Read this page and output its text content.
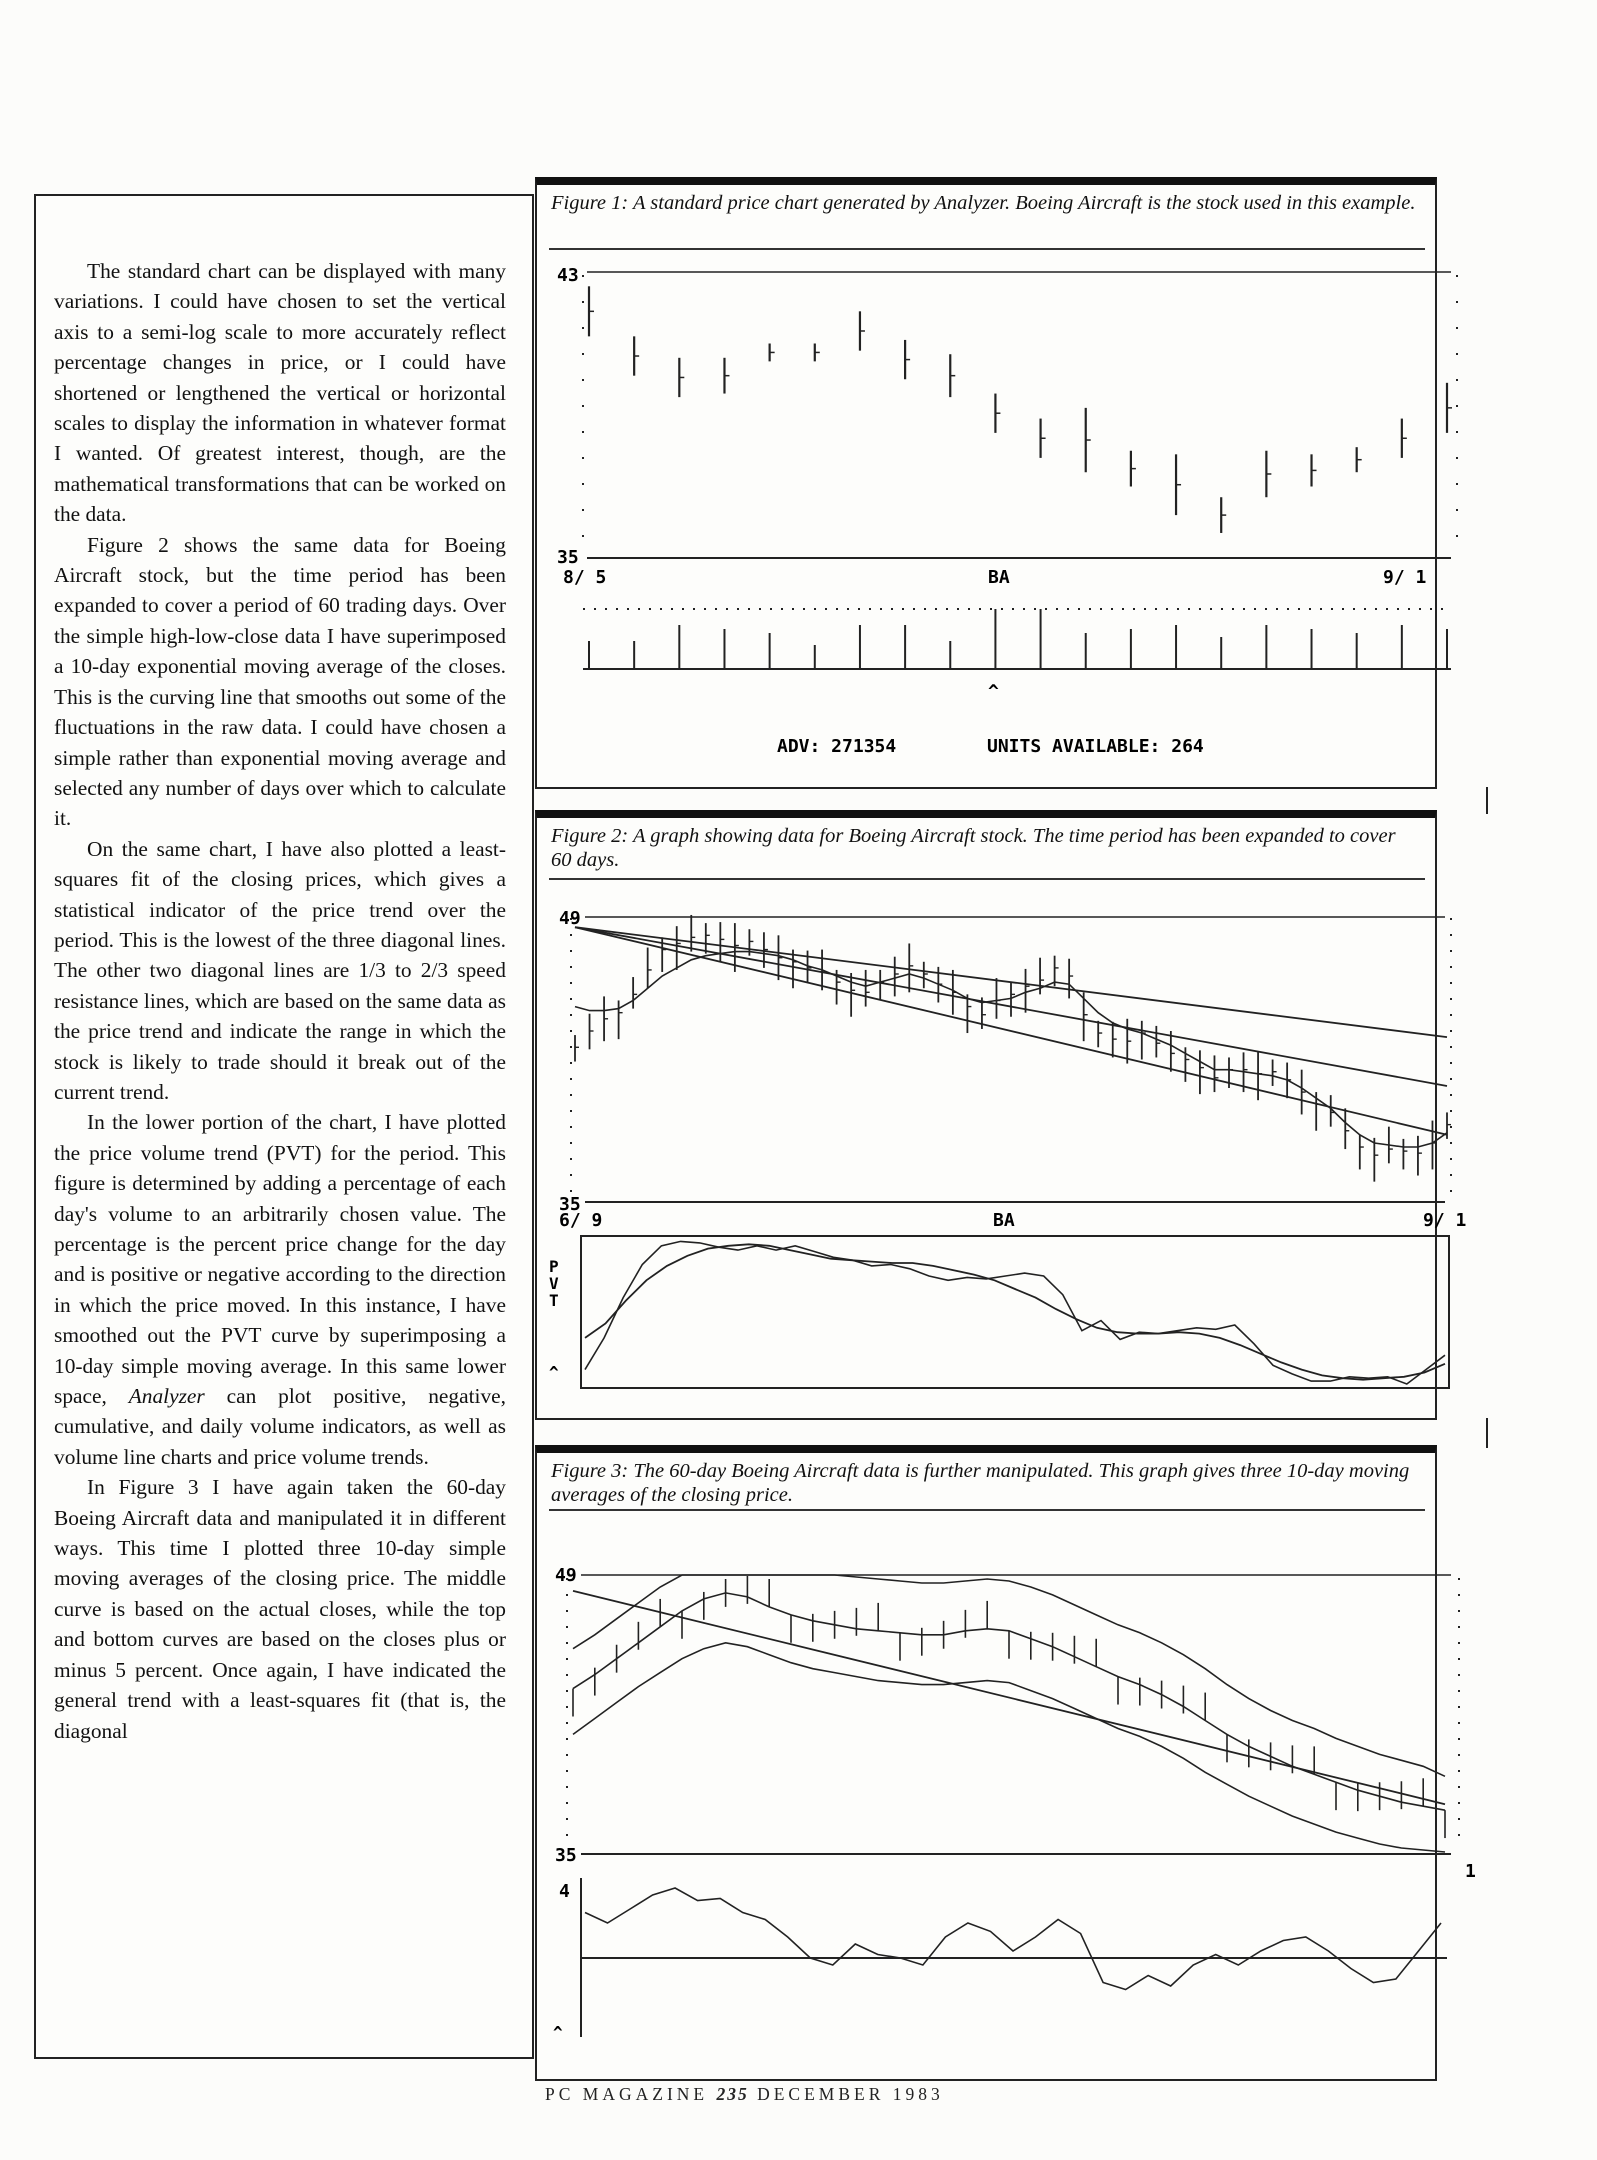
The standard chart can be displayed with many variations. I could have chosen to set the vertical axis to a semi-log scale to more accurately reflect percentage changes in price, or I could have shortened or lengthened the vertical or horizontal scales to display the information in whatever format I wanted. Of greatest interest, though, are the mathematical transformations that can be worked on the data.

Figure 2 shows the same data for Boeing Aircraft stock, but the time period has been expanded to cover a period of 60 trading days. Over the simple high-low-close data I have superimposed a 10-day exponential moving average of the closes. This is the curving line that smooths out some of the fluctuations in the raw data. I could have chosen a simple rather than exponential moving average and selected any number of days over which to calculate it.

On the same chart, I have also plotted a least-squares fit of the closing prices, which gives a statistical indicator of the price trend over the period. This is the lowest of the three diagonal lines. The other two diagonal lines are 1/3 to 2/3 speed resistance lines, which are based on the same data as the price trend and indicate the range in which the stock is likely to trade should it break out of the current trend.

In the lower portion of the chart, I have plotted the price volume trend (PVT) for the period. This figure is determined by adding a percentage of each day's volume to an arbitrarily chosen value. The percentage is the percent price change for the day and is positive or negative according to the direction in which the price moved. In this instance, I have smoothed out the PVT curve by superimposing a 10-day simple moving average. In this same lower space, Analyzer can plot positive, negative, cumulative, and daily volume indicators, as well as volume line charts and price volume trends.

In Figure 3 I have again taken the 60-day Boeing Aircraft data and manipulated it in different ways. This time I plotted three 10-day simple moving averages of the closing price. The middle curve is based on the actual closes, while the top and bottom curves are based on the closes plus or minus 5 percent. Once again, I have indicated the general trend with a least-squares fit (that is, the diagonal

Figure 1: A standard price chart generated by Analyzer. Boeing Aircraft is the stock used in this example.
43
35
8/ 5	BA	9/ 1
^
ADV: 271354	UNITS AVAILABLE: 264
Figure 2: A graph showing data for Boeing Aircraft stock. The time period has been expanded to cover 60 days.
49
35
6/ 9	BA	9/ 1
P
V
T
^
Figure 3: The 60-day Boeing Aircraft data is further manipulated. This graph gives three 10-day moving averages of the closing price.
49
35
1
4
^
PC MAGAZINE 235 DECEMBER 1983
